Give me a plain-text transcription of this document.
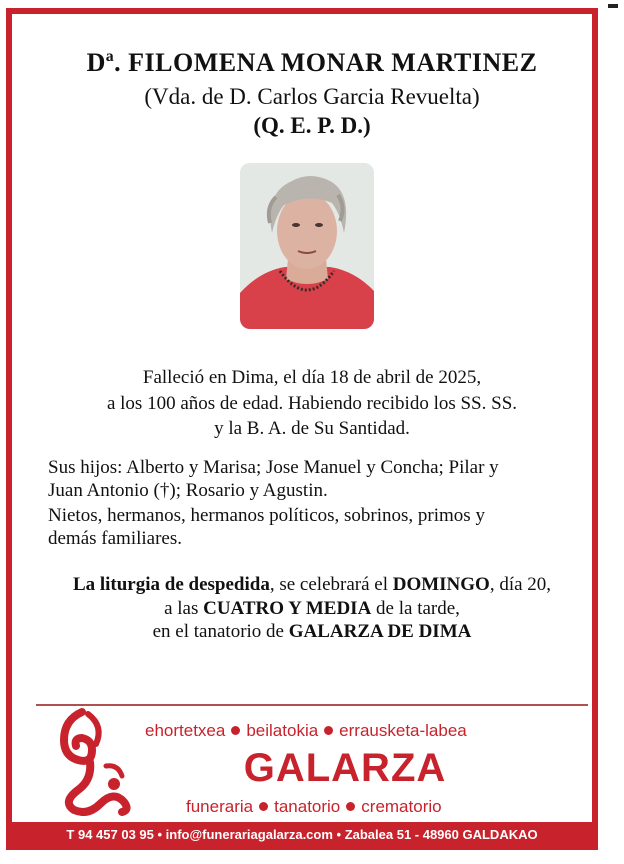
Dª. FILOMENA MONAR MARTINEZ
(Vda. de D. Carlos Garcia Revuelta)
(Q. E. P. D.)
Falleció en Dima, el día 18 de abril de 2025,
a los 100 años de edad. Habiendo recibido los SS. SS.
y la B. A. de Su Santidad.
Sus hijos: Alberto y Marisa; Jose Manuel y Concha; Pilar y
Juan Antonio (†); Rosario y Agustin.
Nietos, hermanos, hermanos políticos, sobrinos, primos y
demás familiares.
La liturgia de despedida, se celebrará el DOMINGO, día 20,
a las CUATRO Y MEDIA de la tarde,
en el tanatorio de GALARZA DE DIMA
ehortetxea beilatokia errausketa-labea
GALARZA
funeraria tanatorio crematorio
T 94 457 03 95 • info@funerariagalarza.com • Zabalea 51 - 48960 GALDAKAO
